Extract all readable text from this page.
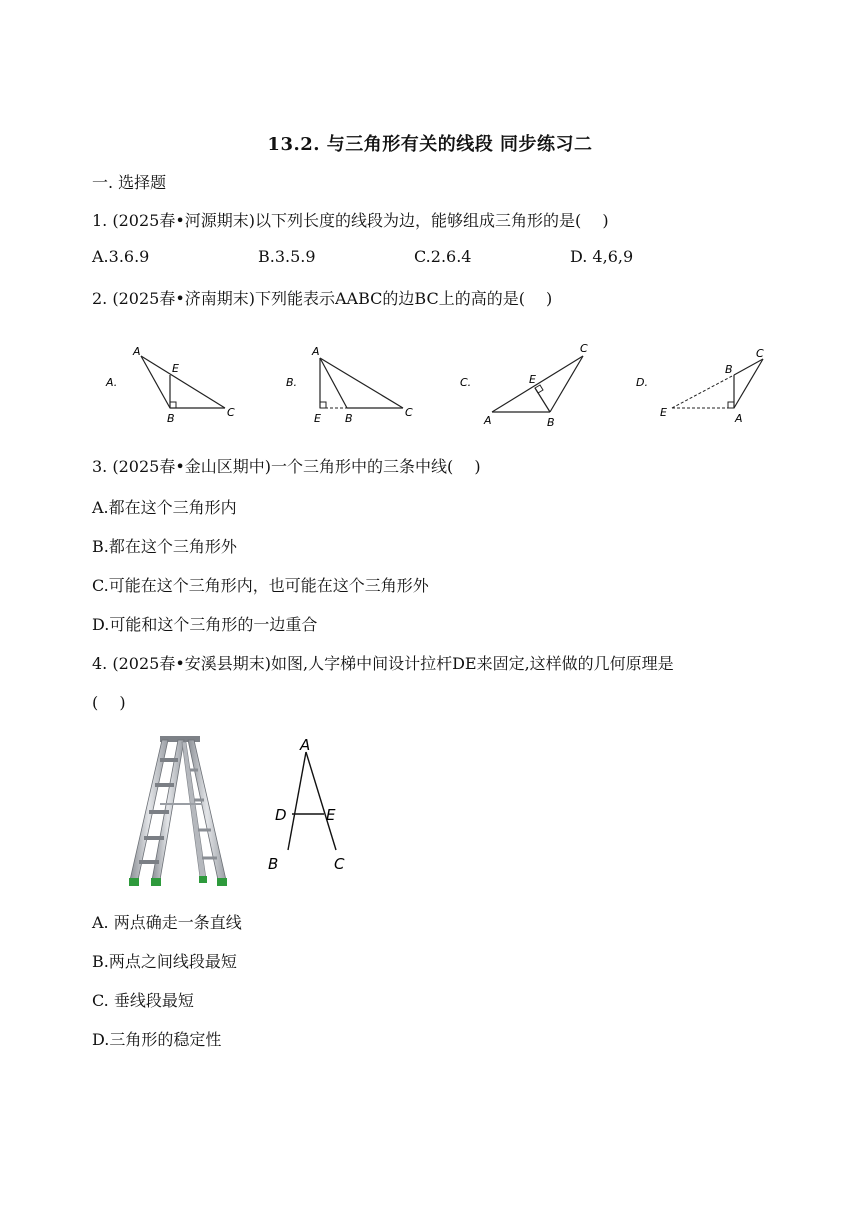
13.2. 与三角形有关的线段 同步练习二
一. 选择题
1. (2025春•河源期末)以下列长度的线段为边，能够组成三角形的是(　 )
A.3.6.9	B.3.5.9	C.2.6.4	D. 4,6,9
2. (2025春•济南期末)下列能表示AABC的边BC上的高的是(　 )
A.
A
E
B	C
B.
A
E B	C
C.
A
E
B
C
D.
B
C
E	A
3. (2025春•金山区期中)一个三角形中的三条中线(　 )
A.都在这个三角形内
B.都在这个三角形外
C.可能在这个三角形内，也可能在这个三角形外
D.可能和这个三角形的一边重合
4. (2025春•安溪县期末)如图,人字梯中间设计拉杆DE来固定,这样做的几何原理是
(　 )
A
D	E
B	C
A. 两点确走一条直线
B.两点之间线段最短
C. 垂线段最短
D.三角形的稳定性
